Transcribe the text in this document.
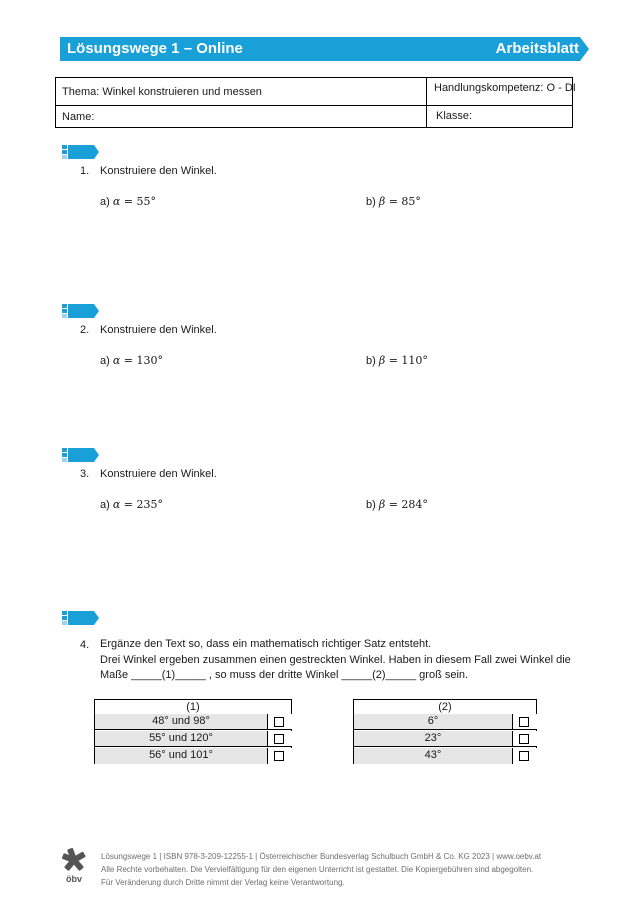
Lösungswege 1 – Online	Arbeitsblatt
Thema: Winkel konstruieren und messen	Handlungskompetenz: O - DI
Name:	Klasse:
1. Konstruiere den Winkel.
a) α = 55°	b) β = 85°
2. Konstruiere den Winkel.
a) α = 130°	b) β = 110°
3. Konstruiere den Winkel.
a) α = 235°	b) β = 284°
4. Ergänze den Text so, dass ein mathematisch richtiger Satz entsteht.
Drei Winkel ergeben zusammen einen gestreckten Winkel. Haben in diesem Fall zwei Winkel die
Maße _____(1)_____ , so muss der dritte Winkel _____(2)_____ groß sein.
(1)
48° und 98°
55° und 120°
56° und 101°
(2)
6°
23°
43°
öbv
Lösungswege 1 | ISBN 978-3-209-12255-1 | Österreichischer Bundesverlag Schulbuch GmbH & Co. KG 2023 | www.oebv.at
Alle Rechte vorbehalten. Die Vervielfältigung für den eigenen Unterricht ist gestattet. Die Kopiergebühren sind abgegolten.
Für Veränderung durch Dritte nimmt der Verlag keine Verantwortung.
